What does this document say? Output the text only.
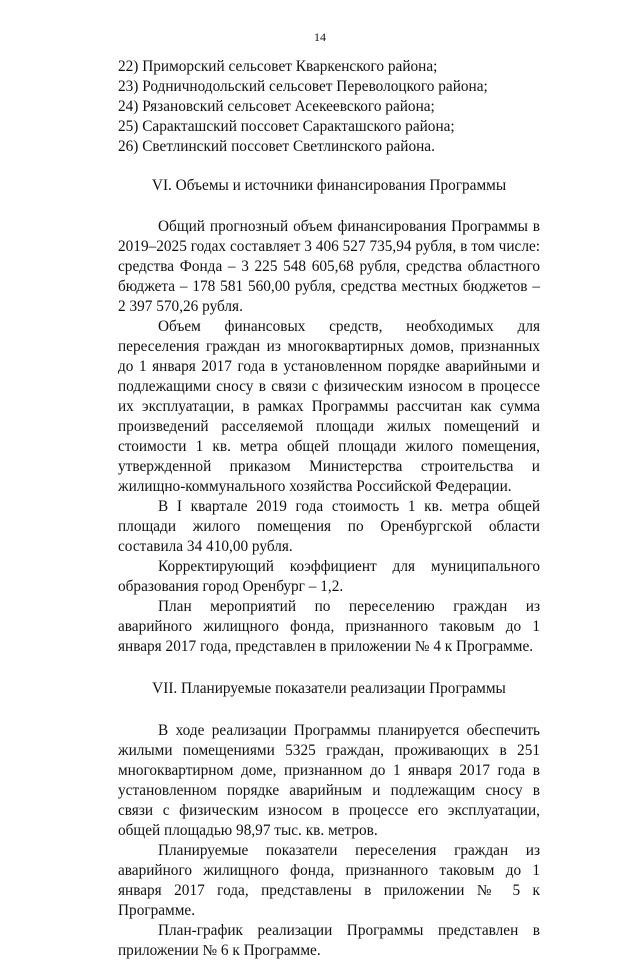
14
22) Приморский сельсовет Кваркенского района;
23) Родничнодольский сельсовет Переволоцкого района;
24) Рязановский сельсовет Асекеевского района;
25) Саракташский поссовет Саракташского района;
26) Светлинский поссовет Светлинского района.
VI. Объемы и источники финансирования Программы

Общий прогнозный объем финансирования Программы в 2019–2025 годах составляет 3 406 527 735,94 рубля, в том числе: средства Фонда – 3 225 548 605,68 рубля, средства областного бюджета – 178 581 560,00 рубля, средства местных бюджетов – 2 397 570,26 рубля.

Объем финансовых средств, необходимых для переселения граждан из многоквартирных домов, признанных до 1 января 2017 года в установленном порядке аварийными и подлежащими сносу в связи с физическим износом в процессе их эксплуатации, в рамках Программы рассчитан как сумма произведений расселяемой площади жилых помещений и стоимости 1 кв. метра общей площади жилого помещения, утвержденной приказом Министерства строительства и жилищно-коммунального хозяйства Российской Федерации.

В I квартале 2019 года стоимость 1 кв. метра общей площади жилого помещения по Оренбургской области составила 34 410,00 рубля.

Корректирующий коэффициент для муниципального образования город Оренбург – 1,2.

План мероприятий по переселению граждан из аварийного жилищного фонда, признанного таковым до 1 января 2017 года, представлен в приложении № 4 к Программе.

VII. Планируемые показатели реализации Программы

В ходе реализации Программы планируется обеспечить жилыми помещениями 5325 граждан, проживающих в 251 многоквартирном доме, признанном до 1 января 2017 года в установленном порядке аварийным и подлежащим сносу в связи с физическим износом в процессе его эксплуатации, общей площадью 98,97 тыс. кв. метров.

Планируемые показатели переселения граждан из аварийного жилищного фонда, признанного таковым до 1 января 2017 года, представлены в приложении № 5 к Программе.

План-график реализации Программы представлен в приложении № 6 к Программе.
